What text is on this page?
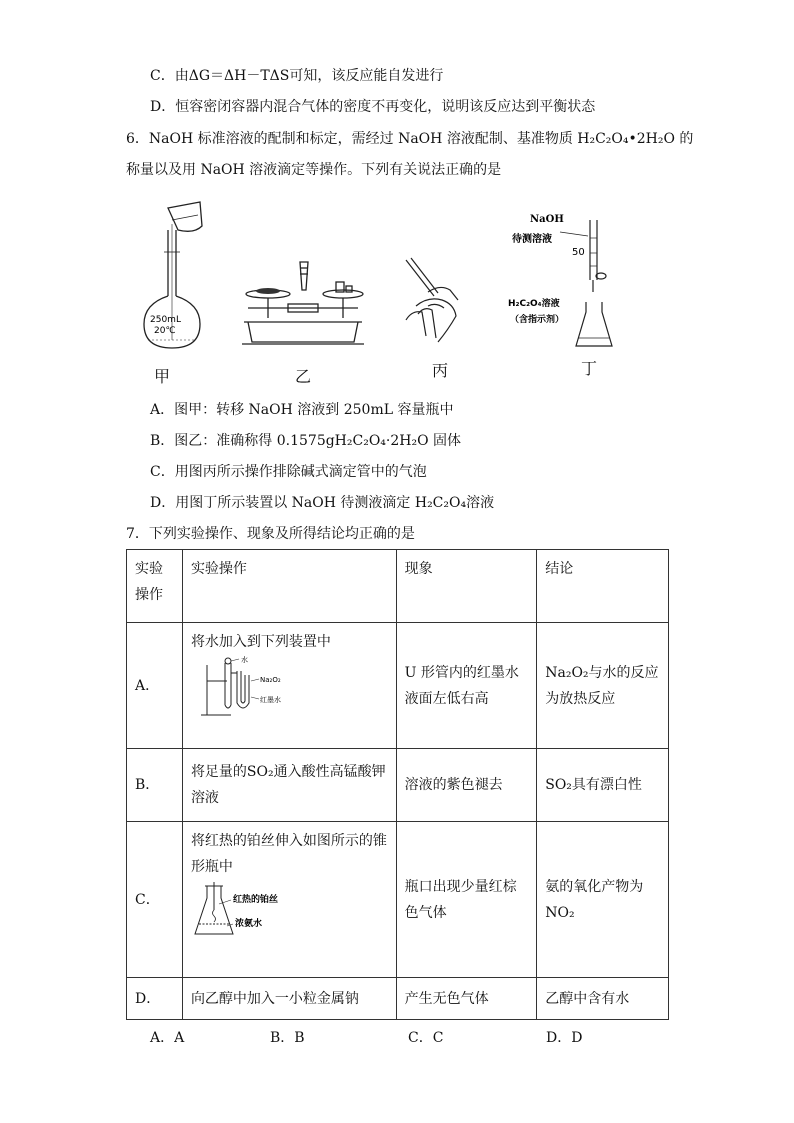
C．由ΔG＝ΔH－TΔS可知，该反应能自发进行
D．恒容密闭容器内混合气体的密度不再变化，说明该反应达到平衡状态
6．NaOH 标准溶液的配制和标定，需经过 NaOH 溶液配制、基准物质 H₂C₂O₄•2H₂O 的
称量以及用 NaOH 溶液滴定等操作。下列有关说法正确的是
250mL
20℃
甲	乙	丙
NaOH
待测溶液
50
H₂C₂O₄溶液
（含指示剂）
丁
A．图甲：转移 NaOH 溶液到 250mL 容量瓶中
B．图乙：准确称得 0.1575gH₂C₂O₄·2H₂O 固体
C．用图丙所示操作排除碱式滴定管中的气泡
D．用图丁所示装置以 NaOH 待测液滴定 H₂C₂O₄溶液
7．下列实验操作、现象及所得结论均正确的是
实验操作	实验操作	现象	结论
A．	将水加入到下列装置中
水
Na₂O₂
红墨水	U 形管内的红墨水液面左低右高	Na₂O₂与水的反应为放热反应
B．	将足量的SO₂通入酸性高锰酸钾溶液	溶液的紫色褪去	SO₂具有漂白性
C．	将红热的铂丝伸入如图所示的锥形瓶中
红热的铂丝
浓氨水	瓶口出现少量红棕色气体	氨的氧化产物为NO₂
D．	向乙醇中加入一小粒金属钠	产生无色气体	乙醇中含有水
A．A	B．B	C．C	D．D
